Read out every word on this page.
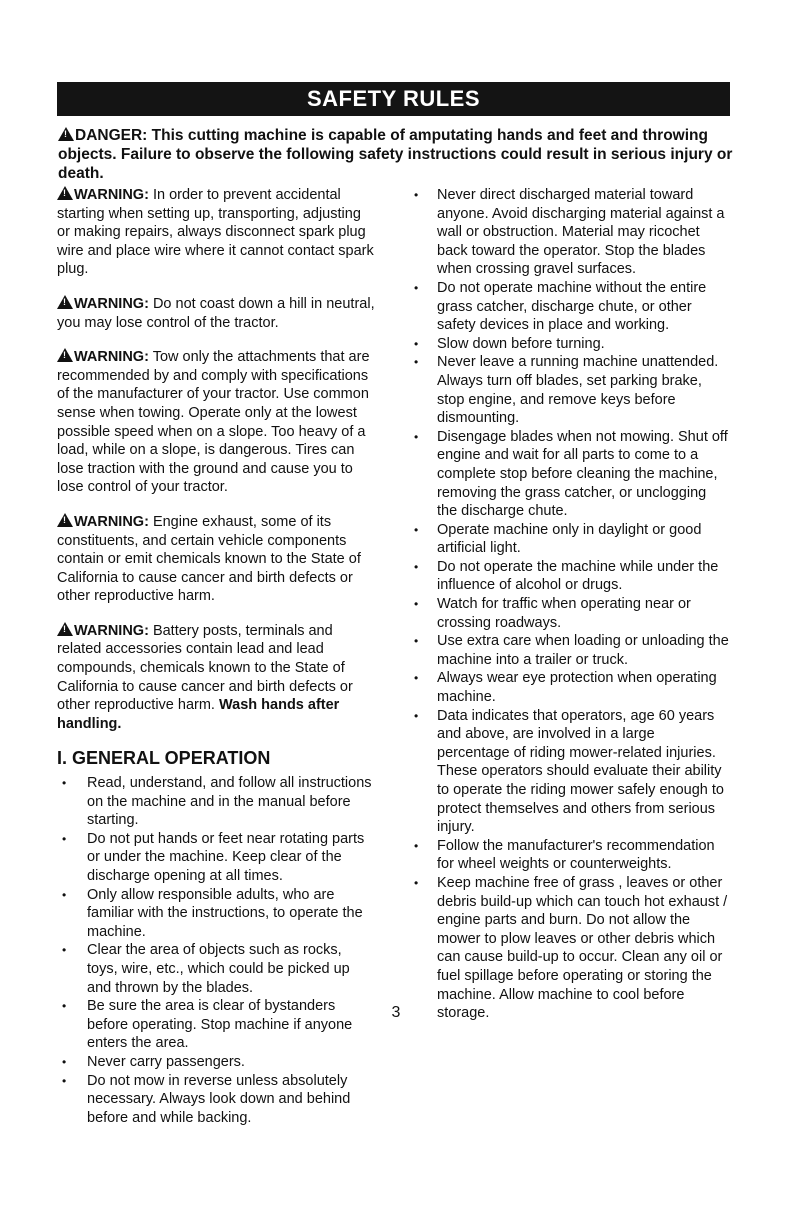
SAFETY RULES
!DANGER: This cutting machine is capable of amputating hands and feet and throwing objects. Failure to observe the following safety instructions could result in serious injury or death.

!WARNING: In order to prevent accidental starting when setting up, transporting, adjusting or making repairs, always disconnect spark plug wire and place wire where it cannot contact spark plug.

!WARNING: Do not coast down a hill in neutral, you may lose control of the tractor.

!WARNING: Tow only the attachments that are recommended by and comply with specifications of the manufacturer of your tractor. Use common sense when towing. Operate only at the lowest possible speed when on a slope. Too heavy of a load, while on a slope, is dangerous. Tires can lose traction with the ground and cause you to lose control of your tractor.

!WARNING: Engine exhaust, some of its constituents, and certain vehicle components contain or emit chemicals known to the State of California to cause cancer and birth defects or other reproductive harm.

!WARNING: Battery posts, terminals and related accessories contain lead and lead compounds, chemicals known to the State of California to cause cancer and birth defects or other reproductive harm. Wash hands after handling.

I. GENERAL OPERATION
• Read, understand, and follow all instructions on the machine and in the manual before starting.
• Do not put hands or feet near rotating parts or under the machine. Keep clear of the discharge opening at all times.
• Only allow responsible adults, who are familiar with the instructions, to operate the machine.
• Clear the area of objects such as rocks, toys, wire, etc., which could be picked up and thrown by the blades.
• Be sure the area is clear of bystanders before operating. Stop machine if anyone enters the area.
• Never carry passengers.
• Do not mow in reverse unless absolutely necessary. Always look down and behind before and while backing.
• Never direct discharged material toward anyone. Avoid discharging material against a wall or obstruction. Material may ricochet back toward the operator. Stop the blades when crossing gravel surfaces.
• Do not operate machine without the entire grass catcher, discharge chute, or other safety devices in place and working.
• Slow down before turning.
• Never leave a running machine unattended. Always turn off blades, set parking brake, stop engine, and remove keys before dismounting.
• Disengage blades when not mowing. Shut off engine and wait for all parts to come to a complete stop before cleaning the machine, removing the grass catcher, or unclogging the discharge chute.
• Operate machine only in daylight or good artificial light.
• Do not operate the machine while under the influence of alcohol or drugs.
• Watch for traffic when operating near or crossing roadways.
• Use extra care when loading or unloading the machine into a trailer or truck.
• Always wear eye protection when operating machine.
• Data indicates that operators, age 60 years and above, are involved in a large percentage of riding mower-related injuries. These operators should evaluate their ability to operate the riding mower safely enough to protect themselves and others from serious injury.
• Follow the manufacturer's recommendation for wheel weights or counterweights.
• Keep machine free of grass , leaves or other debris build-up which can touch hot exhaust / engine parts and burn. Do not allow the mower to plow leaves or other debris which can cause build-up to occur. Clean any oil or fuel spillage before operating or storing the machine. Allow machine to cool before storage.
3
